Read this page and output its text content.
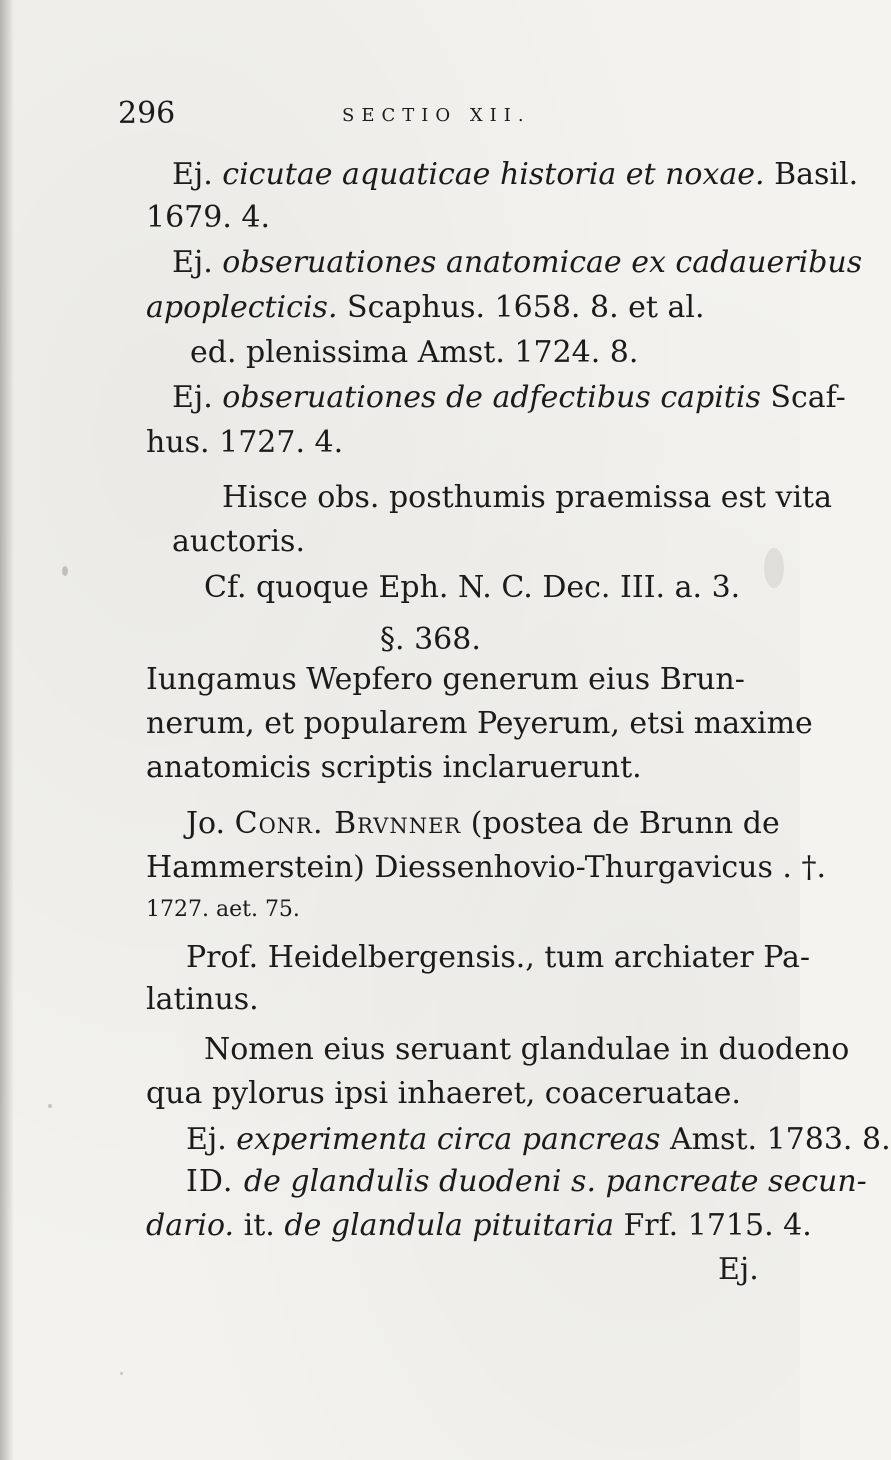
296	SECTIO XII.
Ej. cicutae aquaticae historia et noxae. Basil.
1679. 4.
Ej. obseruationes anatomicae ex cadaueribus
apoplecticis. Scaphus. 1658. 8. et al.
ed. plenissima Amst. 1724. 8.
Ej. obseruationes de adfectibus capitis Scaf-
hus. 1727. 4.
Hisce obs. posthumis praemissa est vita
auctoris.
Cf. quoque Eph. N. C. Dec. III. a. 3.
§. 368.
Iungamus Wepfero generum eius Brun-
nerum, et popularem Peyerum, etsi maxime
anatomicis scriptis inclaruerunt.
Jo. Conr. Brvnner (postea de Brunn de
Hammerstein) Diessenhovio-Thurgavicus . †.
1727. aet. 75.
Prof. Heidelbergensis., tum archiater Pa-
latinus.
Nomen eius seruant glandulae in duodeno
qua pylorus ipsi inhaeret, coaceruatae.
Ej. experimenta circa pancreas Amst. 1783. 8.
ID. de glandulis duodeni s. pancreate secun-
dario. it. de glandula pituitaria Frf. 1715. 4.
Ej.
